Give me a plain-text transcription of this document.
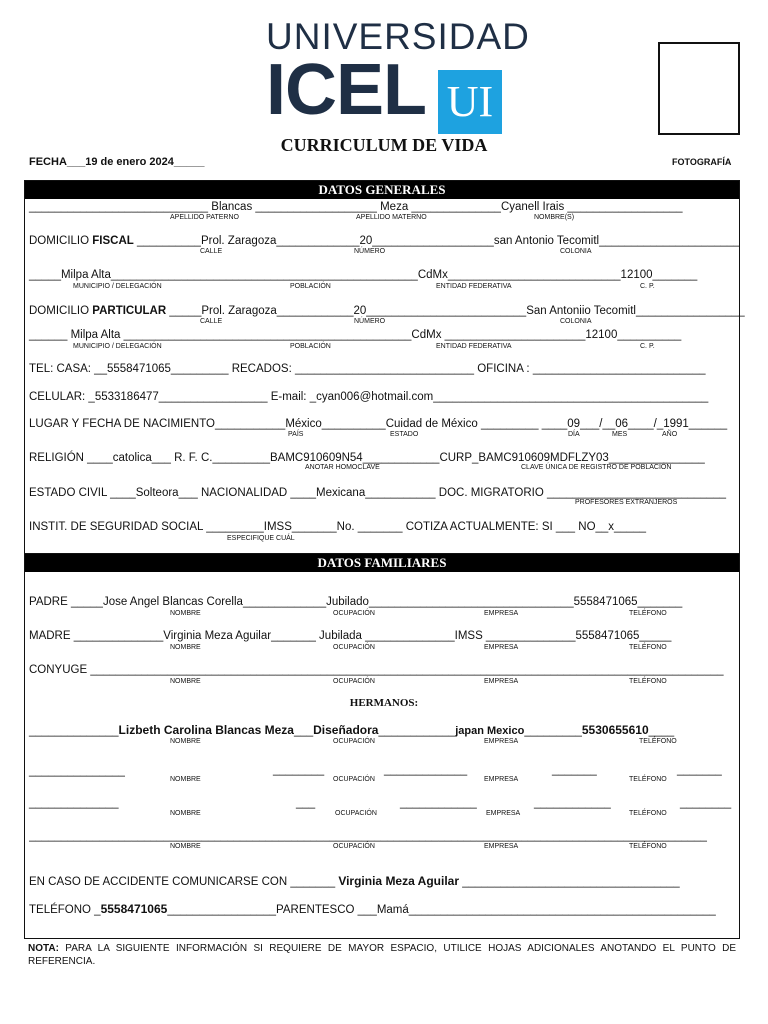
UNIVERSIDAD
ICEL UI
FOTOGRAFÍA
CURRICULUM DE VIDA
FECHA___19 de enero 2024_____
DATOS GENERALES
____________________________ Blancas ___________________ Meza ______________Cyanell Irais __________________
APELLIDO PATERNO	APELLIDO MATERNO	NOMBRE(S)
DOMICILIO FISCAL __________Prol. Zaragoza_____________20___________________san Antonio Tecomitl______________________
CALLE	NÚMERO	COLONIA
_____Milpa Alta________________________________________________CdMx___________________________12100_______
MUNICIPIO / DELEGACIÓN	POBLACIÓN	ENTIDAD FEDERATIVA	C. P.
DOMICILIO PARTICULAR _____Prol. Zaragoza____________20_________________________San Antoniio Tecomitl_________________
CALLE	NÚMERO	COLONIA
______ Milpa Alta _____________________________________________CdMx ______________________12100__________
MUNICIPIO / DELEGACIÓN	POBLACIÓN	ENTIDAD FEDERATIVA	C. P.
TEL: CASA: __5558471065_________ RECADOS: ____________________________ OFICINA : ___________________________
CELULAR: _5533186477_________________ E-mail: _cyan006@hotmail.com___________________________________________
LUGAR Y FECHA DE NACIMIENTO___________México__________Cuidad de México _________ ____09___/__06____/_1991______
PAÍS	ESTADO	DÍA	MES	AÑO
RELIGIÓN ____catolica___ R. F. C._________BAMC910609N54____________CURP_BAMC910609MDFLZY03_______________
ANOTAR HOMOCLAVE	CLAVE ÚNICA DE REGISTRO DE POBLACIÓN
ESTADO CIVIL ____Solteora___ NACIONALIDAD ____Mexicana___________ DOC. MIGRATORIO ____________________________
PROFESORES EXTRANJEROS
INSTIT. DE SEGURIDAD SOCIAL _________IMSS_______No. _______ COTIZA ACTUALMENTE: SI ___ NO__x_____
ESPECIFIQUE CUÁL
DATOS FAMILIARES
PADRE _____Jose Angel Blancas Corella_____________Jubilado________________________________5558471065_______
NOMBRE	OCUPACIÓN	EMPRESA	TELÉFONO
MADRE ______________Virginia Meza Aguilar_______ Jubilada ______________IMSS ______________5558471065_____
NOMBRE	OCUPACIÓN	EMPRESA	TELÉFONO
CÓNYUGE ___________________________________________________________________________________________________
NOMBRE	OCUPACIÓN	EMPRESA	TELÉFONO
HERMANOS:
______________Lizbeth Carolina Blancas Meza___Diseñadora____________japan Mexico_________5530655610____
NOMBRE	OCUPACIÓN	EMPRESA	TELÉFONO
_______________	________	_____________	_______	_______
NOMBRE	OCUPACIÓN	EMPRESA	TELÉFONO
______________	___	____________	____________	________
NOMBRE	OCUPACIÓN	EMPRESA	TELÉFONO
__________________________________________________________________________________________________________
NOMBRE	OCUPACIÓN	EMPRESA	TELÉFONO
EN CASO DE ACCIDENTE COMUNICARSE CON _______ Virginia Meza Aguilar __________________________________
TELÉFONO _5558471065_________________PARENTESCO ___Mamá________________________________________________
NOTA: PARA LA SIGUIENTE INFORMACIÓN SI REQUIERE DE MAYOR ESPACIO, UTILICE HOJAS ADICIONALES ANOTANDO EL PUNTO DE REFERENCIA.
